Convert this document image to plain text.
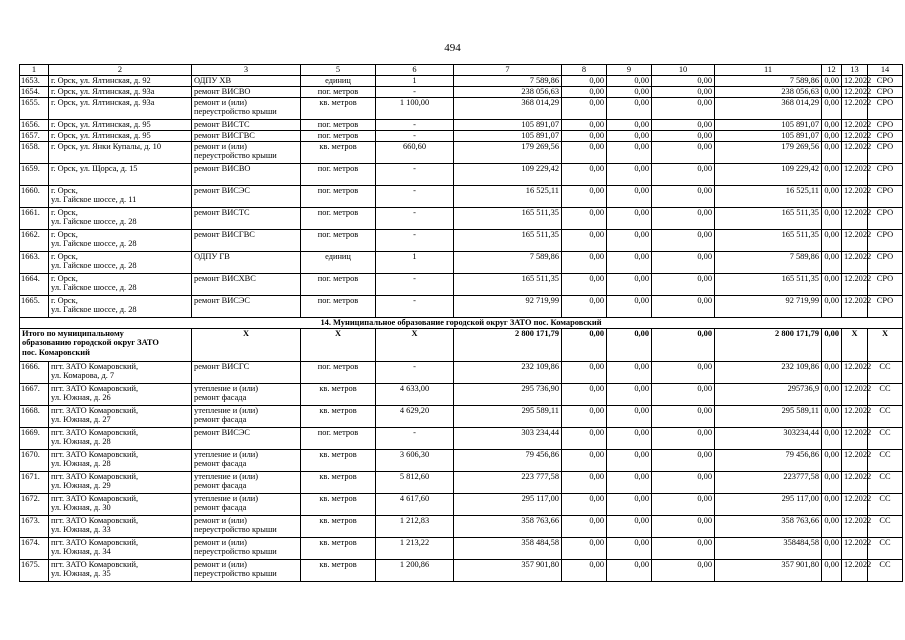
494
1	2	3	5	6	7	8	9	10	11	12	13	14
1653.	г. Орск, ул. Ялтинская, д. 92	ОДПУ ХВ	единиц	1	7 589,86	0,00	0,00	0,00	7 589,86	0,00	12.2022	СРО
1654.	г. Орск, ул. Ялтинская, д. 93а	ремонт ВИСВО	пог. метров	-	238 056,63	0,00	0,00	0,00	238 056,63	0,00	12.2022	СРО
1655.	г. Орск, ул. Ялтинская, д. 93а	ремонт и (или)
переустройство крыши	кв. метров	1 100,00	368 014,29	0,00	0,00	0,00	368 014,29	0,00	12.2022	СРО
1656.	г. Орск, ул. Ялтинская, д. 95	ремонт ВИСТС	пог. метров	-	105 891,07	0,00	0,00	0,00	105 891,07	0,00	12.2022	СРО
1657.	г. Орск, ул. Ялтинская, д. 95	ремонт ВИСГВС	пог. метров	-	105 891,07	0,00	0,00	0,00	105 891,07	0,00	12.2022	СРО
1658.	г. Орск, ул. Янки Купалы, д. 10	ремонт и (или)
переустройство крыши	кв. метров	660,60	179 269,56	0,00	0,00	0,00	179 269,56	0,00	12.2022	СРО
1659.	г. Орск, ул. Щорса, д. 15	ремонт ВИСВО	пог. метров	-	109 229,42	0,00	0,00	0,00	109 229,42	0,00	12.2022	СРО
1660.	г. Орск,
ул. Гайское шоссе, д. 11	ремонт ВИСЭС	пог. метров	-	16 525,11	0,00	0,00	0,00	16 525,11	0,00	12.2022	СРО
1661.	г. Орск,
ул. Гайское шоссе, д. 28	ремонт ВИСТС	пог. метров	-	165 511,35	0,00	0,00	0,00	165 511,35	0,00	12.2022	СРО
1662.	г. Орск,
ул. Гайское шоссе, д. 28	ремонт ВИСГВС	пог. метров	-	165 511,35	0,00	0,00	0,00	165 511,35	0,00	12.2022	СРО
1663.	г. Орск,
ул. Гайское шоссе, д. 28	ОДПУ ГВ	единиц	1	7 589,86	0,00	0,00	0,00	7 589,86	0,00	12.2022	СРО
1664.	г. Орск,
ул. Гайское шоссе, д. 28	ремонт ВИСХВС	пог. метров	-	165 511,35	0,00	0,00	0,00	165 511,35	0,00	12.2022	СРО
1665.	г. Орск,
ул. Гайское шоссе, д. 28	ремонт ВИСЭС	пог. метров	-	92 719,99	0,00	0,00	0,00	92 719,99	0,00	12.2022	СРО
14. Муниципальное образование городской округ ЗАТО пос. Комаровский												

Итого по муниципальному
образованию городской округ ЗАТО
пос. Комаровский		X	X	X	2 800 171,79	0,00	0,00	0,00	2 800 171,79	0,00	X	X
1666.	пгт. ЗАТО Комаровский,
ул. Комарова, д. 7	ремонт ВИСГС	пог. метров	-	232 109,86	0,00	0,00	0,00	232 109,86	0,00	12.2022	СС
1667.	пгт. ЗАТО Комаровский,
ул. Южная, д. 26	утепление и (или)
ремонт фасада	кв. метров	4 633,00	295 736,90	0,00	0,00	0,00	295736,9	0,00	12.2022	СС
1668.	пгт. ЗАТО Комаровский,
ул. Южная, д. 27	утепление и (или)
ремонт фасада	кв. метров	4 629,20	295 589,11	0,00	0,00	0,00	295 589,11	0,00	12.2022	СС
1669.	пгт. ЗАТО Комаровский,
ул. Южная, д. 28	ремонт ВИСЭС	пог. метров	-	303 234,44	0,00	0,00	0,00	303234,44	0,00	12.2022	СС
1670.	пгт. ЗАТО Комаровский,
ул. Южная, д. 28	утепление и (или)
ремонт фасада	кв. метров	3 606,30	79 456,86	0,00	0,00	0,00	79 456,86	0,00	12.2022	СС
1671.	пгт. ЗАТО Комаровский,
ул. Южная, д. 29	утепление и (или)
ремонт фасада	кв. метров	5 812,60	223 777,58	0,00	0,00	0,00	223777,58	0,00	12.2022	СС
1672.	пгт. ЗАТО Комаровский,
ул. Южная, д. 30	утепление и (или)
ремонт фасада	кв. метров	4 617,60	295 117,00	0,00	0,00	0,00	295 117,00	0,00	12.2022	СС
1673.	пгт. ЗАТО Комаровский,
ул. Южная, д. 33	ремонт и (или)
переустройство крыши	кв. метров	1 212,83	358 763,66	0,00	0,00	0,00	358 763,66	0,00	12.2022	СС
1674.	пгт. ЗАТО Комаровский,
ул. Южная, д. 34	ремонт и (или)
переустройство крыши	кв. метров	1 213,22	358 484,58	0,00	0,00	0,00	358484,58	0,00	12.2022	СС
1675.	пгт. ЗАТО Комаровский,
ул. Южная, д. 35	ремонт и (или)
переустройство крыши	кв. метров	1 200,86	357 901,80	0,00	0,00	0,00	357 901,80	0,00	12.2022	СС
